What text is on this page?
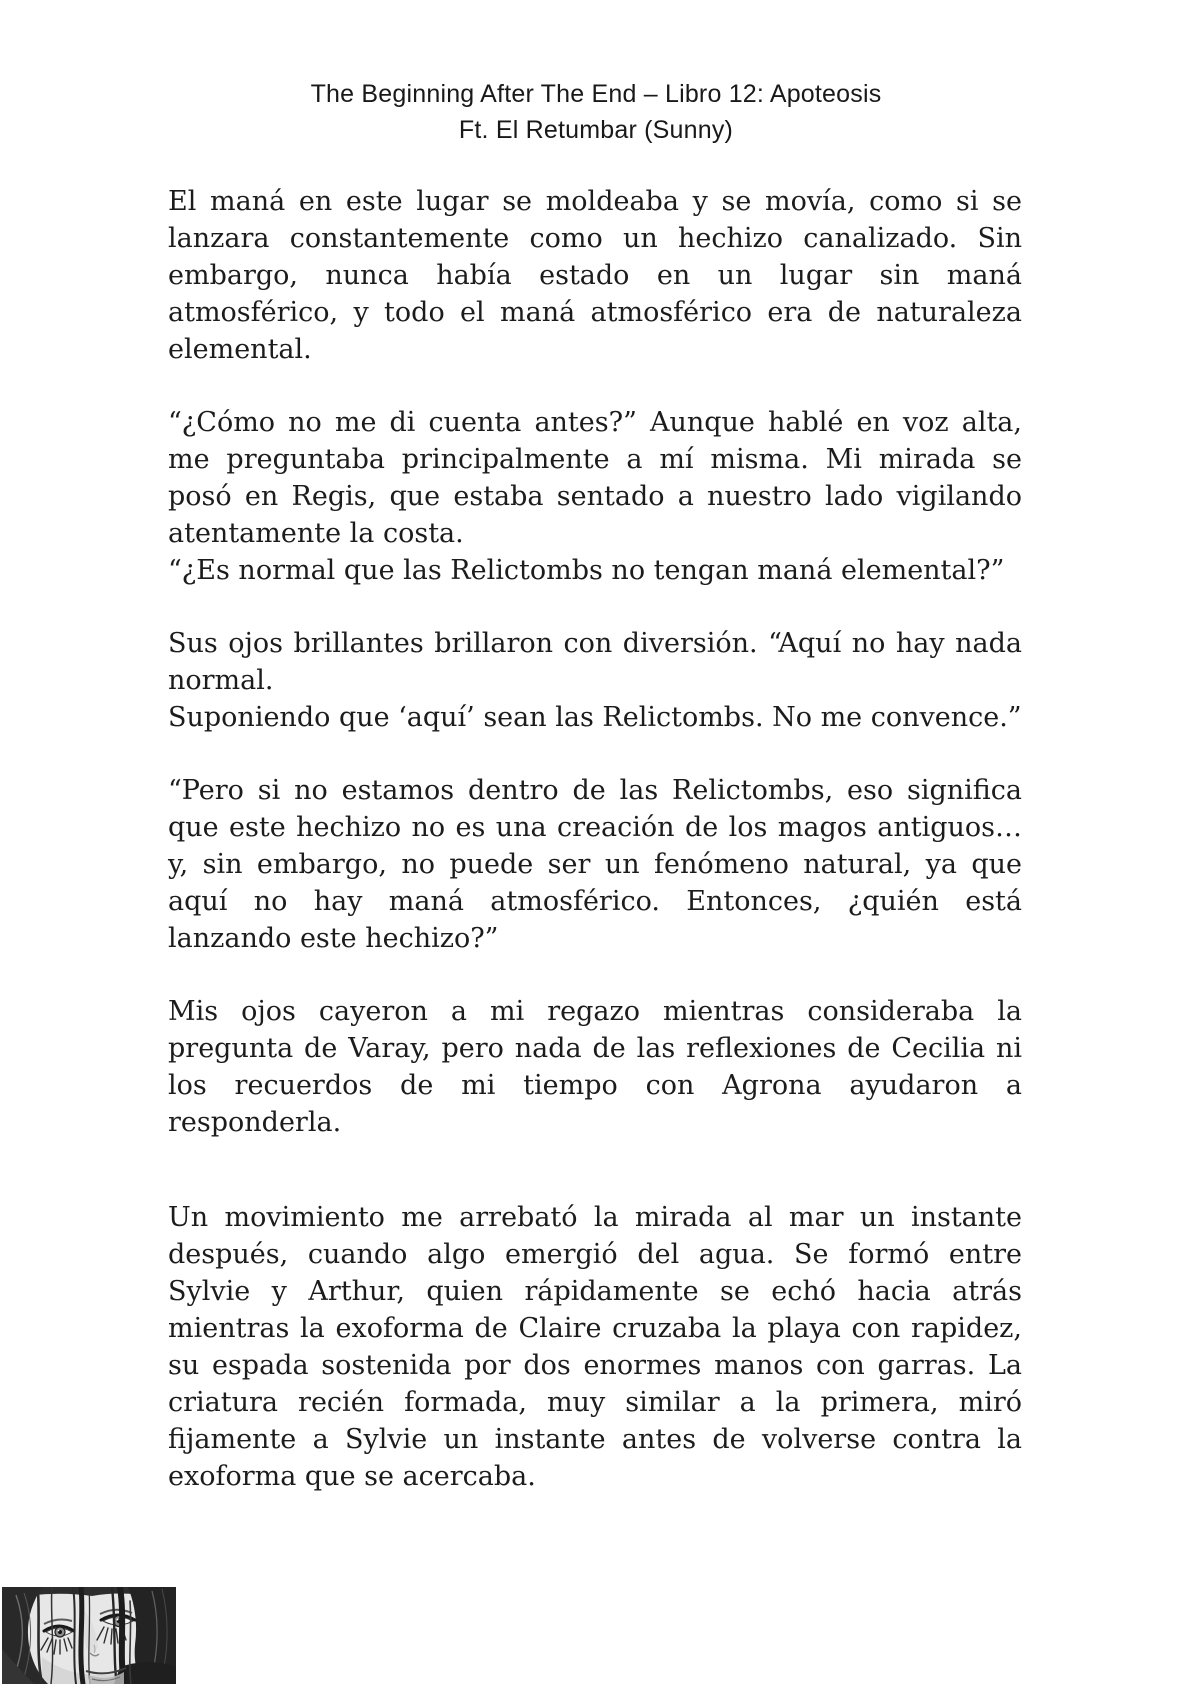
The Beginning After The End – Libro 12: Apoteosis
Ft. El Retumbar (Sunny)
El maná en este lugar se moldeaba y se movía, como si se lanzara constantemente como un hechizo canalizado. Sin embargo, nunca había estado en un lugar sin maná atmosférico, y todo el maná atmosférico era de naturaleza elemental.
“¿Cómo no me di cuenta antes?” Aunque hablé en voz alta, me preguntaba principalmente a mí misma. Mi mirada se posó en Regis, que estaba sentado a nuestro lado vigilando atentamente la costa.
“¿Es normal que las Relictombs no tengan maná elemental?”
Sus ojos brillantes brillaron con diversión. “Aquí no hay nada normal.
Suponiendo que ‘aquí’ sean las Relictombs. No me convence.”
“Pero si no estamos dentro de las Relictombs, eso significa que este hechizo no es una creación de los magos antiguos… y, sin embargo, no puede ser un fenómeno natural, ya que aquí no hay maná atmosférico. Entonces, ¿quién está lanzando este hechizo?”
Mis ojos cayeron a mi regazo mientras consideraba la pregunta de Varay, pero nada de las reflexiones de Cecilia ni los recuerdos de mi tiempo con Agrona ayudaron a responderla.
Un movimiento me arrebató la mirada al mar un instante después, cuando algo emergió del agua. Se formó entre Sylvie y Arthur, quien rápidamente se echó hacia atrás mientras la exoforma de Claire cruzaba la playa con rapidez, su espada sostenida por dos enormes manos con garras. La criatura recién formada, muy similar a la primera, miró fijamente a Sylvie un instante antes de volverse contra la exoforma que se acercaba.
